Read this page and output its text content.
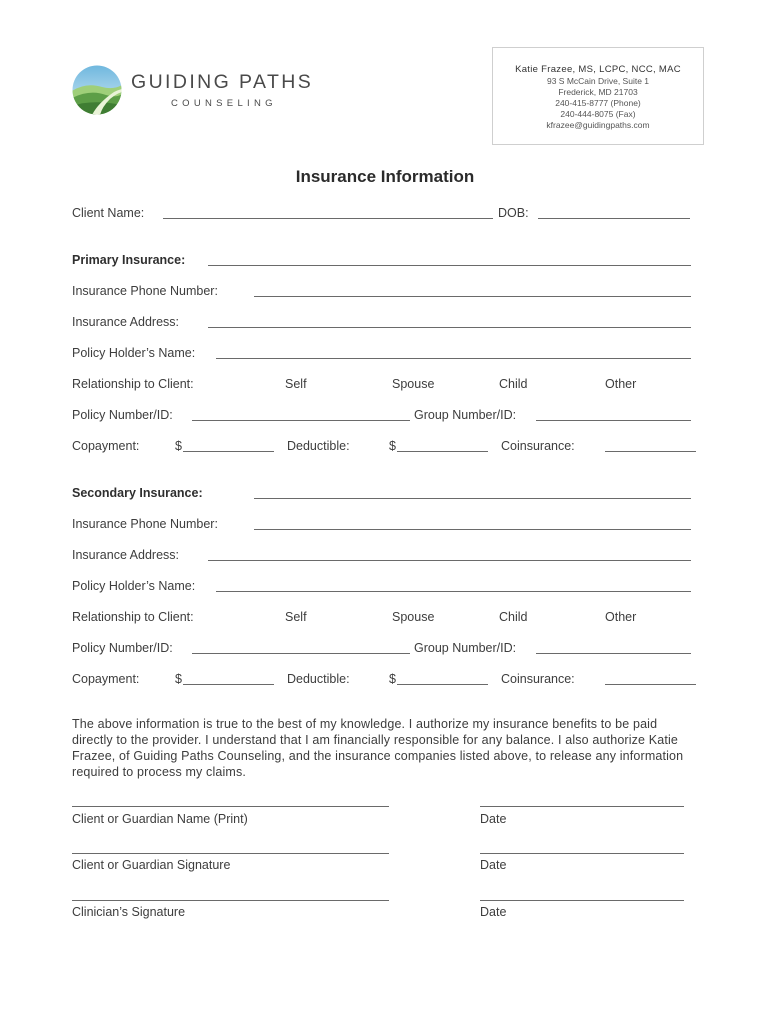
GUIDING PATHS
COUNSELING
Katie Frazee, MS, LCPC, NCC, MAC
93 S McCain Drive, Suite 1
Frederick, MD 21703
240-415-8777 (Phone)
240-444-8075 (Fax)
kfrazee@guidingpaths.com
Insurance Information
Client Name:	DOB:
Primary Insurance:
Insurance Phone Number:
Insurance Address:
Policy Holder’s Name:
Relationship to Client:	Self	Spouse	Child	Other
Policy Number/ID:	Group Number/ID:
Copayment:	$	Deductible:	$	Coinsurance:
Secondary Insurance:
Insurance Phone Number:
Insurance Address:
Policy Holder’s Name:
Relationship to Client:	Self	Spouse	Child	Other
Policy Number/ID:	Group Number/ID:
Copayment:	$	Deductible:	$	Coinsurance:
The above information is true to the best of my knowledge. I authorize my insurance benefits to be paid directly to the provider. I understand that I am financially responsible for any balance. I also authorize Katie Frazee, of Guiding Paths Counseling, and the insurance companies listed above, to release any information required to process my claims.
Client or Guardian Name (Print)	Date
Client or Guardian Signature	Date
Clinician’s Signature	Date
